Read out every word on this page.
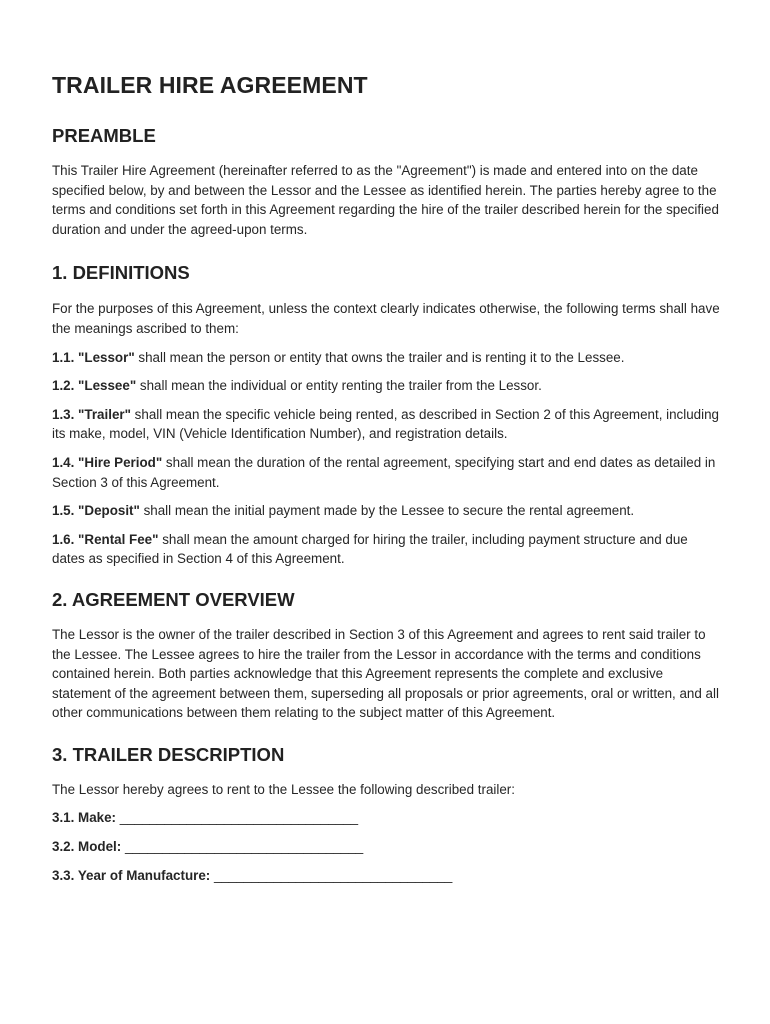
TRAILER HIRE AGREEMENT
PREAMBLE

This Trailer Hire Agreement (hereinafter referred to as the "Agreement") is made and entered into on the date specified below, by and between the Lessor and the Lessee as identified herein. The parties hereby agree to the terms and conditions set forth in this Agreement regarding the hire of the trailer described herein for the specified duration and under the agreed-upon terms.

1. DEFINITIONS

For the purposes of this Agreement, unless the context clearly indicates otherwise, the following terms shall have the meanings ascribed to them:

1.1. "Lessor" shall mean the person or entity that owns the trailer and is renting it to the Lessee.

1.2. "Lessee" shall mean the individual or entity renting the trailer from the Lessor.

1.3. "Trailer" shall mean the specific vehicle being rented, as described in Section 2 of this Agreement, including its make, model, VIN (Vehicle Identification Number), and registration details.

1.4. "Hire Period" shall mean the duration of the rental agreement, specifying start and end dates as detailed in Section 3 of this Agreement.

1.5. "Deposit" shall mean the initial payment made by the Lessee to secure the rental agreement.

1.6. "Rental Fee" shall mean the amount charged for hiring the trailer, including payment structure and due dates as specified in Section 4 of this Agreement.

2. AGREEMENT OVERVIEW

The Lessor is the owner of the trailer described in Section 3 of this Agreement and agrees to rent said trailer to the Lessee. The Lessee agrees to hire the trailer from the Lessor in accordance with the terms and conditions contained herein. Both parties acknowledge that this Agreement represents the complete and exclusive statement of the agreement between them, superseding all proposals or prior agreements, oral or written, and all other communications between them relating to the subject matter of this Agreement.

3. TRAILER DESCRIPTION

The Lessor hereby agrees to rent to the Lessee the following described trailer:

3.1. Make: ________________________________

3.2. Model: ________________________________

3.3. Year of Manufacture: ________________________________
